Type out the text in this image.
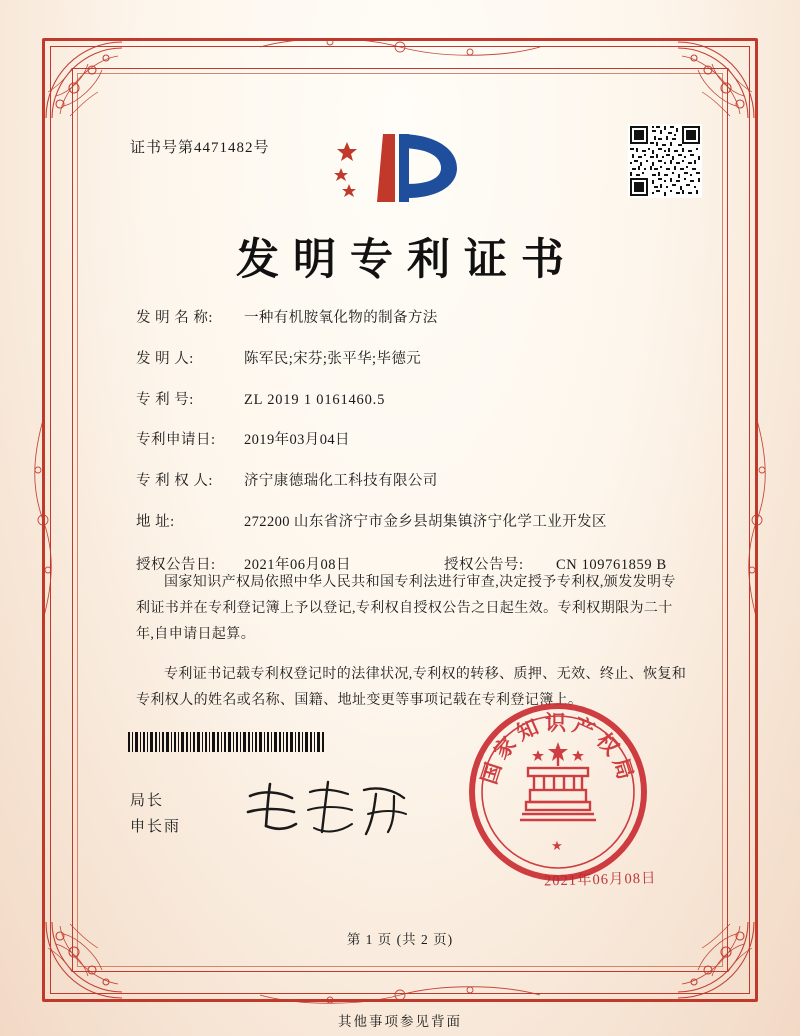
证书号第4471482号
发明专利证书
发 明 名 称:	一种有机胺氧化物的制备方法
发 明 人:	陈军民;宋芬;张平华;毕德元
专 利 号:	ZL 2019 1 0161460.5
专利申请日:	2019年03月04日
专 利 权 人:	济宁康德瑞化工科技有限公司
地 址:	272200 山东省济宁市金乡县胡集镇济宁化学工业开发区
授权公告日:	2021年06月08日	授权公告号:	CN 109761859 B

国家知识产权局依照中华人民共和国专利法进行审查,决定授予专利权,颁发发明专利证书并在专利登记簿上予以登记,专利权自授权公告之日起生效。专利权期限为二十年,自申请日起算。

专利证书记载专利权登记时的法律状况,专利权的转移、质押、无效、终止、恢复和专利权人的姓名或名称、国籍、地址变更等事项记载在专利登记簿上。

局长
申长雨
国家知识产权局
★
2021年06月08日
第 1 页 (共 2 页)
其他事项参见背面
